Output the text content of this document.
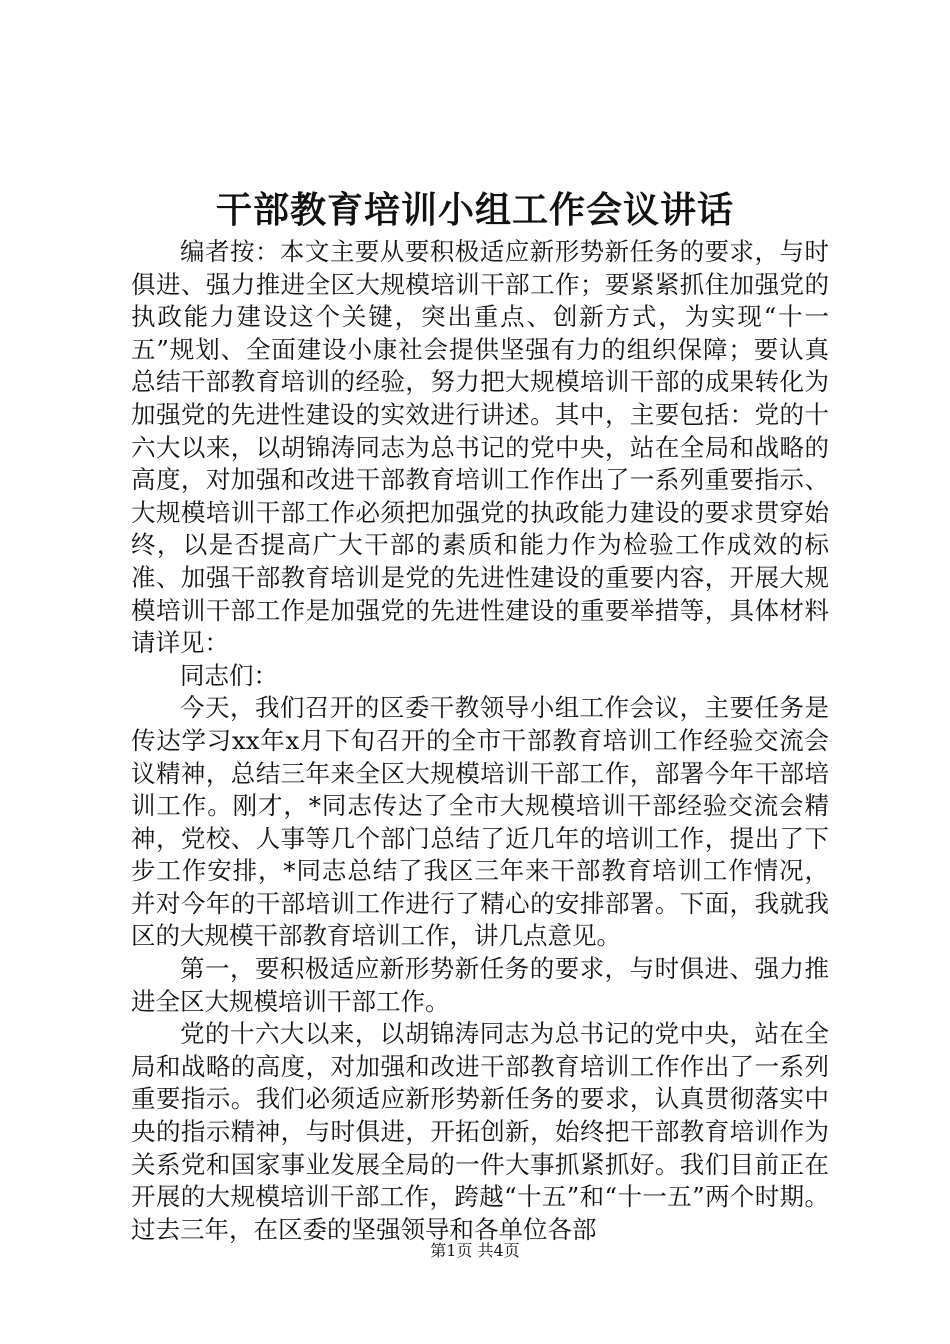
干部教育培训小组工作会议讲话

编者按：本文主要从要积极适应新形势新任务的要求，与时俱进、强力推进全区大规模培训干部工作；要紧紧抓住加强党的执政能力建设这个关键，突出重点、创新方式，为实现“十一五”规划、全面建设小康社会提供坚强有力的组织保障；要认真总结干部教育培训的经验，努力把大规模培训干部的成果转化为加强党的先进性建设的实效进行讲述。其中，主要包括：党的十六大以来，以胡锦涛同志为总书记的党中央，站在全局和战略的高度，对加强和改进干部教育培训工作作出了一系列重要指示、大规模培训干部工作必须把加强党的执政能力建设的要求贯穿始终，以是否提高广大干部的素质和能力作为检验工作成效的标准、加强干部教育培训是党的先进性建设的重要内容，开展大规模培训干部工作是加强党的先进性建设的重要举措等，具体材料请详见：

同志们：

今天，我们召开的区委干教领导小组工作会议，主要任务是传达学习xx年x月下旬召开的全市干部教育培训工作经验交流会议精神，总结三年来全区大规模培训干部工作，部署今年干部培训工作。刚才，*同志传达了全市大规模培训干部经验交流会精神，党校、人事等几个部门总结了近几年的培训工作，提出了下步工作安排，*同志总结了我区三年来干部教育培训工作情况，并对今年的干部培训工作进行了精心的安排部署。下面，我就我区的大规模干部教育培训工作，讲几点意见。

第一，要积极适应新形势新任务的要求，与时俱进、强力推进全区大规模培训干部工作。

党的十六大以来，以胡锦涛同志为总书记的党中央，站在全局和战略的高度，对加强和改进干部教育培训工作作出了一系列重要指示。我们必须适应新形势新任务的要求，认真贯彻落实中央的指示精神，与时俱进，开拓创新，始终把干部教育培训作为关系党和国家事业发展全局的一件大事抓紧抓好。我们目前正在开展的大规模培训干部工作，跨越“十五”和“十一五”两个时期。过去三年，在区委的坚强领导和各单位各部

第1页 共4页
